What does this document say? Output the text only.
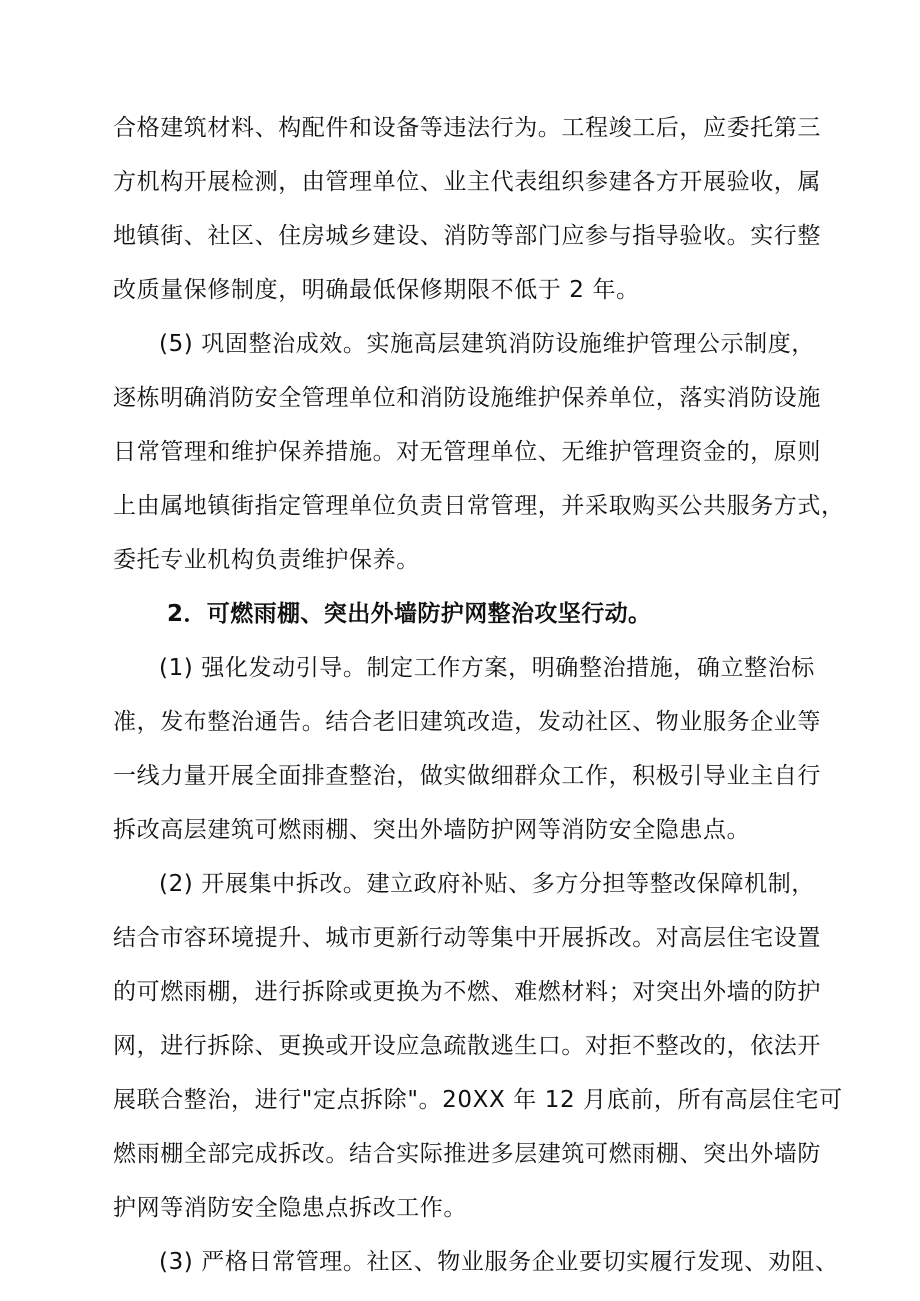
合格建筑材料、构配件和设备等违法行为。工程竣工后，应委托第三
方机构开展检测，由管理单位、业主代表组织参建各方开展验收，属
地镇街、社区、住房城乡建设、消防等部门应参与指导验收。实行整
改质量保修制度，明确最低保修期限不低于 2 年。
(5) 巩固整治成效。实施高层建筑消防设施维护管理公示制度，
逐栋明确消防安全管理单位和消防设施维护保养单位，落实消防设施
日常管理和维护保养措施。对无管理单位、无维护管理资金的，原则
上由属地镇街指定管理单位负责日常管理，并采取购买公共服务方式，
委托专业机构负责维护保养。
2．可燃雨棚、突出外墙防护网整治攻坚行动。
(1) 强化发动引导。制定工作方案，明确整治措施，确立整治标
准，发布整治通告。结合老旧建筑改造，发动社区、物业服务企业等
一线力量开展全面排查整治，做实做细群众工作，积极引导业主自行
拆改高层建筑可燃雨棚、突出外墙防护网等消防安全隐患点。
(2) 开展集中拆改。建立政府补贴、多方分担等整改保障机制，
结合市容环境提升、城市更新行动等集中开展拆改。对高层住宅设置
的可燃雨棚，进行拆除或更换为不燃、难燃材料；对突出外墙的防护
网，进行拆除、更换或开设应急疏散逃生口。对拒不整改的，依法开
展联合整治，进行"定点拆除"。20XX 年 12 月底前，所有高层住宅可
燃雨棚全部完成拆改。结合实际推进多层建筑可燃雨棚、突出外墙防
护网等消防安全隐患点拆改工作。
(3) 严格日常管理。社区、物业服务企业要切实履行发现、劝阻、
